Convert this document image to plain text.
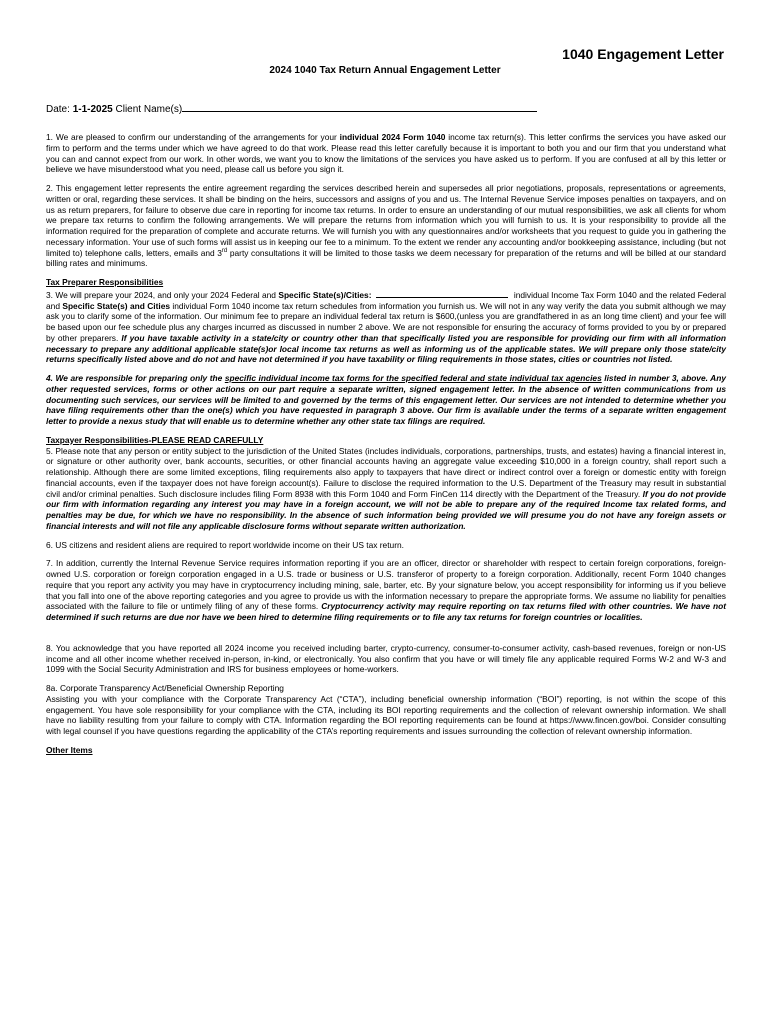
1040 Engagement Letter
2024 1040 Tax Return Annual Engagement Letter

Date: 1-1-2025 Client Name(s)

1. We are pleased to confirm our understanding of the arrangements for your individual 2024 Form 1040 income tax return(s). This letter confirms the services you have asked our firm to perform and the terms under which we have agreed to do that work. Please read this letter carefully because it is important to both you and our firm that you understand what you can and cannot expect from our work. In other words, we want you to know the limitations of the services you have asked us to perform. If you are confused at all by this letter or believe we have misunderstood what you need, please call us before you sign it.

2. This engagement letter represents the entire agreement regarding the services described herein and supersedes all prior negotiations, proposals, representations or agreements, written or oral, regarding these services. It shall be binding on the heirs, successors and assigns of you and us. The Internal Revenue Service imposes penalties on taxpayers, and on us as return preparers, for failure to observe due care in reporting for income tax returns. In order to ensure an understanding of our mutual responsibilities, we ask all clients for whom we prepare tax returns to confirm the following arrangements. We will prepare the returns from information which you will furnish to us. It is your responsibility to provide all the information required for the preparation of complete and accurate returns. We will furnish you with any questionnaires and/or worksheets that you request to guide you in gathering the necessary information. Your use of such forms will assist us in keeping our fee to a minimum. To the extent we render any accounting and/or bookkeeping assistance, including (but not limited to) telephone calls, letters, emails and 3rd party consultations it will be limited to those tasks we deem necessary for preparation of the returns and will be billed at our standard billing rates and minimums.

Tax Preparer Responsibilities

3. We will prepare your 2024, and only your 2024 Federal and Specific State(s)/Cities:	individual Income Tax Form 1040 and the related Federal and Specific State(s) and Cities individual Form 1040 income tax return schedules from information you furnish us. We will not in any way verify the data you submit although we may ask you to clarify some of the information. Our minimum fee to prepare an individual federal tax return is $600,(unless you are grandfathered in as an long time client) and your fee will be based upon our fee schedule plus any charges incurred as discussed in number 2 above. We are not responsible for ensuring the accuracy of forms provided to you by or prepared by other preparers. If you have taxable activity in a state/city or country other than that specifically listed you are responsible for providing our firm with all information necessary to prepare any additional applicable state(s)or local income tax returns as well as informing us of the applicable states. We will prepare only those state/city returns specifically listed above and do not and have not determined if you have taxability or filing requirements in those states, cities or countries not listed.

4. We are responsible for preparing only the specific individual income tax forms for the specified federal and state individual tax agencies listed in number 3, above. Any other requested services, forms or other actions on our part require a separate written, signed engagement letter. In the absence of written communications from us documenting such services, our services will be limited to and governed by the terms of this engagement letter. Our services are not intended to determine whether you have filing requirements other than the one(s) which you have requested in paragraph 3 above. Our firm is available under the terms of a separate written engagement letter to provide a nexus study that will enable us to determine whether any other state tax filings are required.

Taxpayer Responsibilities-PLEASE READ CAREFULLY

5. Please note that any person or entity subject to the jurisdiction of the United States (includes individuals, corporations, partnerships, trusts, and estates) having a financial interest in, or signature or other authority over, bank accounts, securities, or other financial accounts having an aggregate value exceeding $10,000 in a foreign country, shall report such a relationship. Although there are some limited exceptions, filing requirements also apply to taxpayers that have direct or indirect control over a foreign or domestic entity with foreign financial accounts, even if the taxpayer does not have foreign account(s). Failure to disclose the required information to the U.S. Department of the Treasury may result in substantial civil and/or criminal penalties. Such disclosure includes filing Form 8938 with this Form 1040 and Form FinCen 114 directly with the Department of the Treasury. If you do not provide our firm with information regarding any interest you may have in a foreign account, we will not be able to prepare any of the required Income tax related forms, and penalties may be due, for which we have no responsibility. In the absence of such information being provided we will presume you do not have any foreign assets or financial interests and will not file any applicable disclosure forms without separate written authorization.

6. US citizens and resident aliens are required to report worldwide income on their US tax return.

7. In addition, currently the Internal Revenue Service requires information reporting if you are an officer, director or shareholder with respect to certain foreign corporations, foreign-owned U.S. corporation or foreign corporation engaged in a U.S. trade or business or U.S. transferor of property to a foreign corporation. Additionally, recent Form 1040 changes require that you report any activity you may have in cryptocurrency including mining, sale, barter, etc. By your signature below, you accept responsibility for informing us if you believe that you fall into one of the above reporting categories and you agree to provide us with the information necessary to prepare the appropriate forms. We assume no liability for penalties associated with the failure to file or untimely filing of any of these forms. Cryptocurrency activity may require reporting on tax returns filed with other countries. We have not determined if such returns are due nor have we been hired to determine filing requirements or to file any tax returns for foreign countries or localities.

8. You acknowledge that you have reported all 2024 income you received including barter, crypto-currency, consumer-to-consumer activity, cash-based revenues, foreign or non-US income and all other income whether received in-person, in-kind, or electronically. You also confirm that you have or will timely file any applicable required Forms W-2 and W-3 and 1099 with the Social Security Administration and IRS for business employees or home-workers.

8a. Corporate Transparency Act/Beneficial Ownership Reporting

Assisting you with your compliance with the Corporate Transparency Act (“CTA”), including beneficial ownership information (“BOI”) reporting, is not within the scope of this engagement. You have sole responsibility for your compliance with the CTA, including its BOI reporting requirements and the collection of relevant ownership information. We shall have no liability resulting from your failure to comply with CTA. Information regarding the BOI reporting requirements can be found at https://www.fincen.gov/boi. Consider consulting with legal counsel if you have questions regarding the applicability of the CTA’s reporting requirements and issues surrounding the collection of relevant ownership information.

Other Items
